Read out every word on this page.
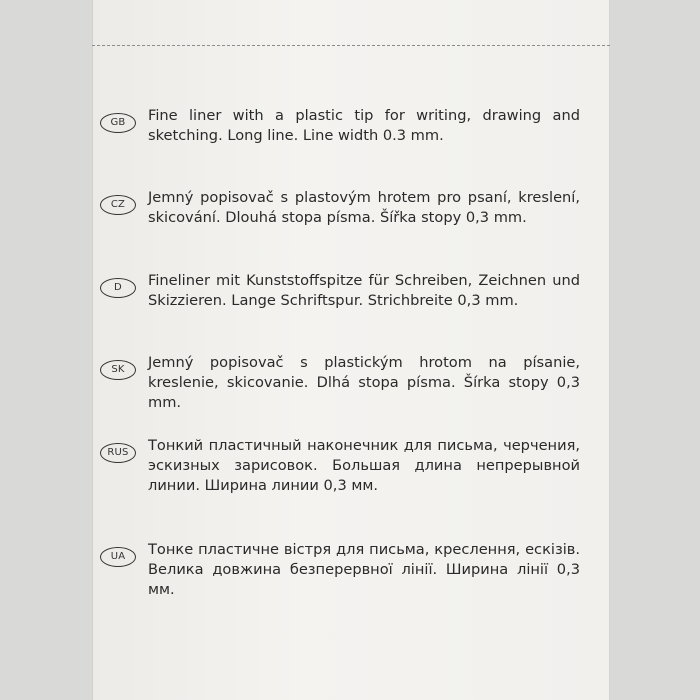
GB	Fine liner with a plastic tip for writing, drawing and sketching. Long line. Line width 0.3 mm.
CZ	Jemný popisovač s plastovým hrotem pro psaní, kreslení, skicování. Dlouhá stopa písma. Šířka stopy 0,3 mm.
D	Fineliner mit Kunststoffspitze für Schreiben, Zeichnen und Skizzieren. Lange Schriftspur. Strichbreite 0,3 mm.
SK	Jemný popisovač s plastickým hrotom na písanie, kreslenie, skicovanie. Dlhá stopa písma. Šírka stopy 0,3 mm.
RUS	Тонкий пластичный наконечник для письма, черчения, эскизных зарисовок. Большая длина непрерывной линии. Ширина линии 0,3 мм.
UA	Тонке пластичне вістря для письма, креслення, ескізів. Велика довжина безперервної лінії. Ширина лінії 0,3 мм.
